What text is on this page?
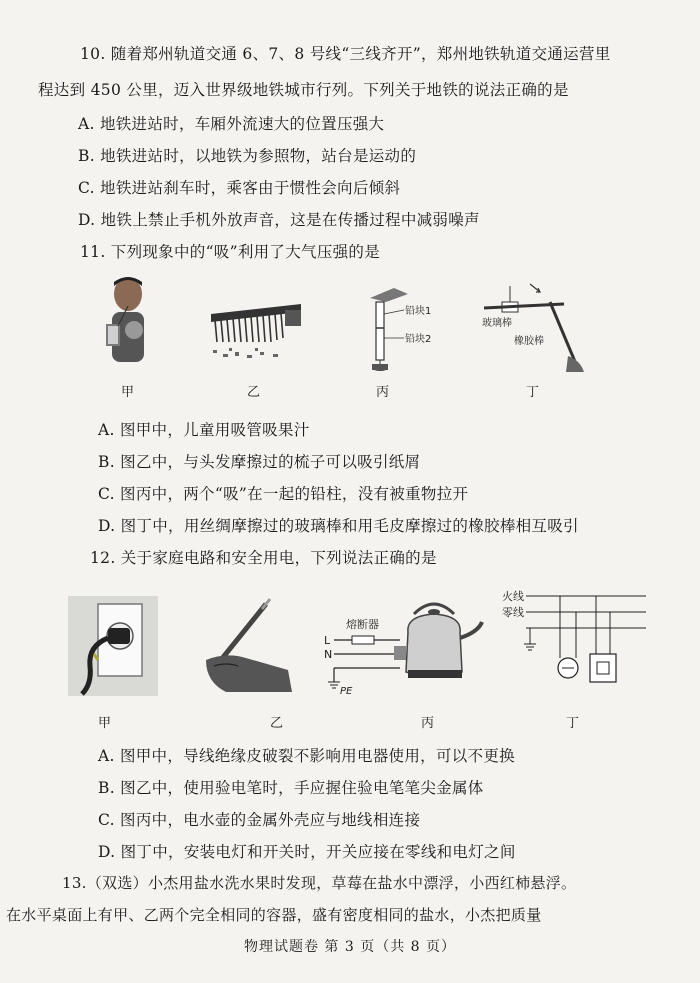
10. 随着郑州轨道交通 6、7、8 号线“三线齐开”，郑州地铁轨道交通运营里
程达到 450 公里，迈入世界级地铁城市行列。下列关于地铁的说法正确的是
A. 地铁进站时，车厢外流速大的位置压强大
B. 地铁进站时，以地铁为参照物，站台是运动的
C. 地铁进站刹车时，乘客由于惯性会向后倾斜
D. 地铁上禁止手机外放声音，这是在传播过程中减弱噪声
11. 下列现象中的“吸”利用了大气压强的是
甲	乙
铅块1
铅块2
丙
玻璃棒
橡胶棒
丁
A. 图甲中，儿童用吸管吸果汁
B. 图乙中，与头发摩擦过的梳子可以吸引纸屑
C. 图丙中，两个“吸”在一起的铅柱，没有被重物拉开
D. 图丁中，用丝绸摩擦过的玻璃棒和用毛皮摩擦过的橡胶棒相互吸引
12. 关于家庭电路和安全用电，下列说法正确的是
甲	乙
L
N
熔断器
PE
丙
火线
零线
丁
A. 图甲中，导线绝缘皮破裂不影响用电器使用，可以不更换
B. 图乙中，使用验电笔时，手应握住验电笔笔尖金属体
C. 图丙中，电水壶的金属外壳应与地线相连接
D. 图丁中，安装电灯和开关时，开关应接在零线和电灯之间
13.（双选）小杰用盐水洗水果时发现，草莓在盐水中漂浮，小西红柿悬浮。
在水平桌面上有甲、乙两个完全相同的容器，盛有密度相同的盐水，小杰把质量
物理试题卷 第 3 页（共 8 页）
